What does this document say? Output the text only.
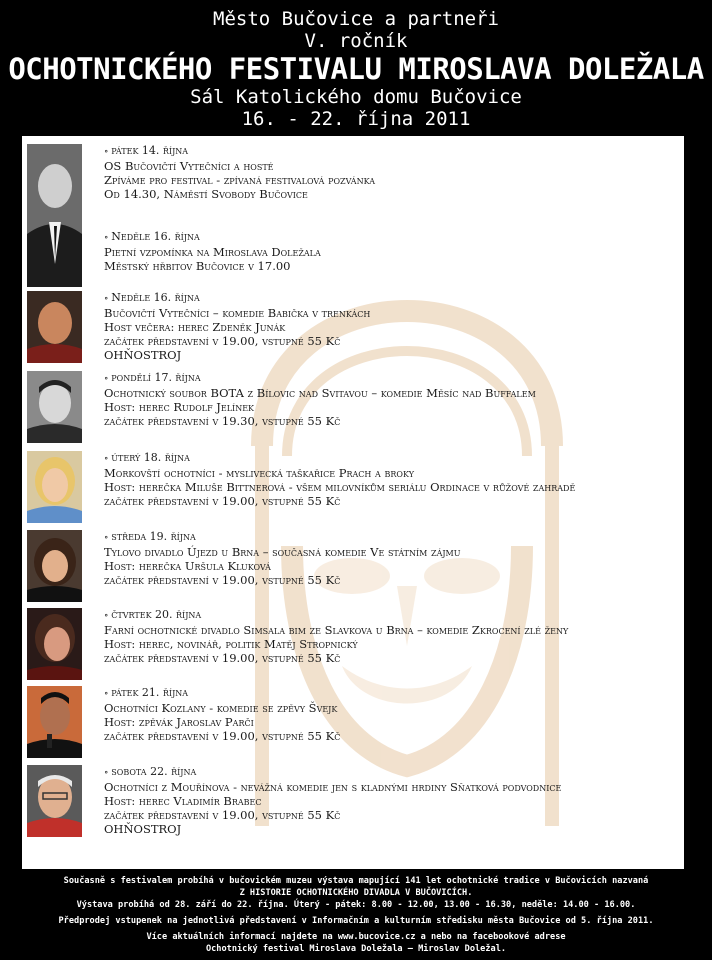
Město Bučovice a partneři
V. ročník
OCHOTNICKÉHO FESTIVALU MIROSLAVA DOLEŽALA
Sál Katolického domu Bučovice
16. - 22. října 2011
∘ pátek 14. října
OS Bučovičtí Vytečníci a hosté
Zpíváme pro festival - zpívaná festivalová pozvánka
Od 14.30, Náměstí Svobody Bučovice
∘ Neděle 16. října
Pietní vzpomínka na Miroslava Doležala
Městský hřbitov Bučovice v 17.00
∘ Neděle 16. října
Bučovičtí Vytečníci – komedie Babička v trenkách
Host večera: herec Zdeněk Junák
začátek představení v 19.00, vstupné 55 Kč
OHŇOSTROJ
∘ pondělí 17. října
Ochotnický soubor BOTA z Bílovic nad Svitavou – komedie Měsíc nad Buffalem
Host: herec Rudolf Jelínek
začátek představení v 19.30, vstupné 55 Kč
∘ úterý 18. října
Morkovští ochotníci - myslivecká taškařice Prach a broky
Host: herečka Miluše Bittnerová - všem milovníkům seriálu Ordinace v růžové zahradě
začátek představení v 19.00, vstupné 55 Kč
∘ středa 19. října
Tylovo divadlo Újezd u Brna – současná komedie Ve státním zájmu
Host: herečka Uršula Kluková
začátek představení v 19.00, vstupné 55 Kč
∘ čtvrtek 20. října
Farní ochotnické divadlo Simsala bim ze Slavkova u Brna – komedie Zkrocení zlé ženy
Host: herec, novinář, politik Matěj Stropnický
začátek představení v 19.00, vstupné 55 Kč
∘ pátek 21. října
Ochotníci Kozlany - komedie se zpěvy Švejk
Host: zpěvák Jaroslav Parči
začátek představení v 19.00, vstupné 55 Kč
∘ sobota 22. října
Ochotníci z Mouřínova - nevážná komedie jen s kladnými hrdiny Sňatková podvodnice
Host: herec Vladimír Brabec
začátek představení v 19.00, vstupné 55 Kč
OHŇOSTROJ
Současně s festivalem probíhá v bučovickém muzeu výstava mapující 141 let ochotnické tradice v Bučovicích nazvaná
Z HISTORIE OCHOTNICKÉHO DIVADLA V BUČOVICÍCH.
Výstava probíhá od 28. září do 22. října. Úterý - pátek: 8.00 - 12.00, 13.00 - 16.30, neděle: 14.00 - 16.00.
Předprodej vstupenek na jednotlivá představení v Informačním a kulturním středisku města Bučovice od 5. října 2011.
Více aktuálních informací najdete na www.bucovice.cz a nebo na facebookové adrese
Ochotnický festival Miroslava Doležala – Miroslav Doležal.
